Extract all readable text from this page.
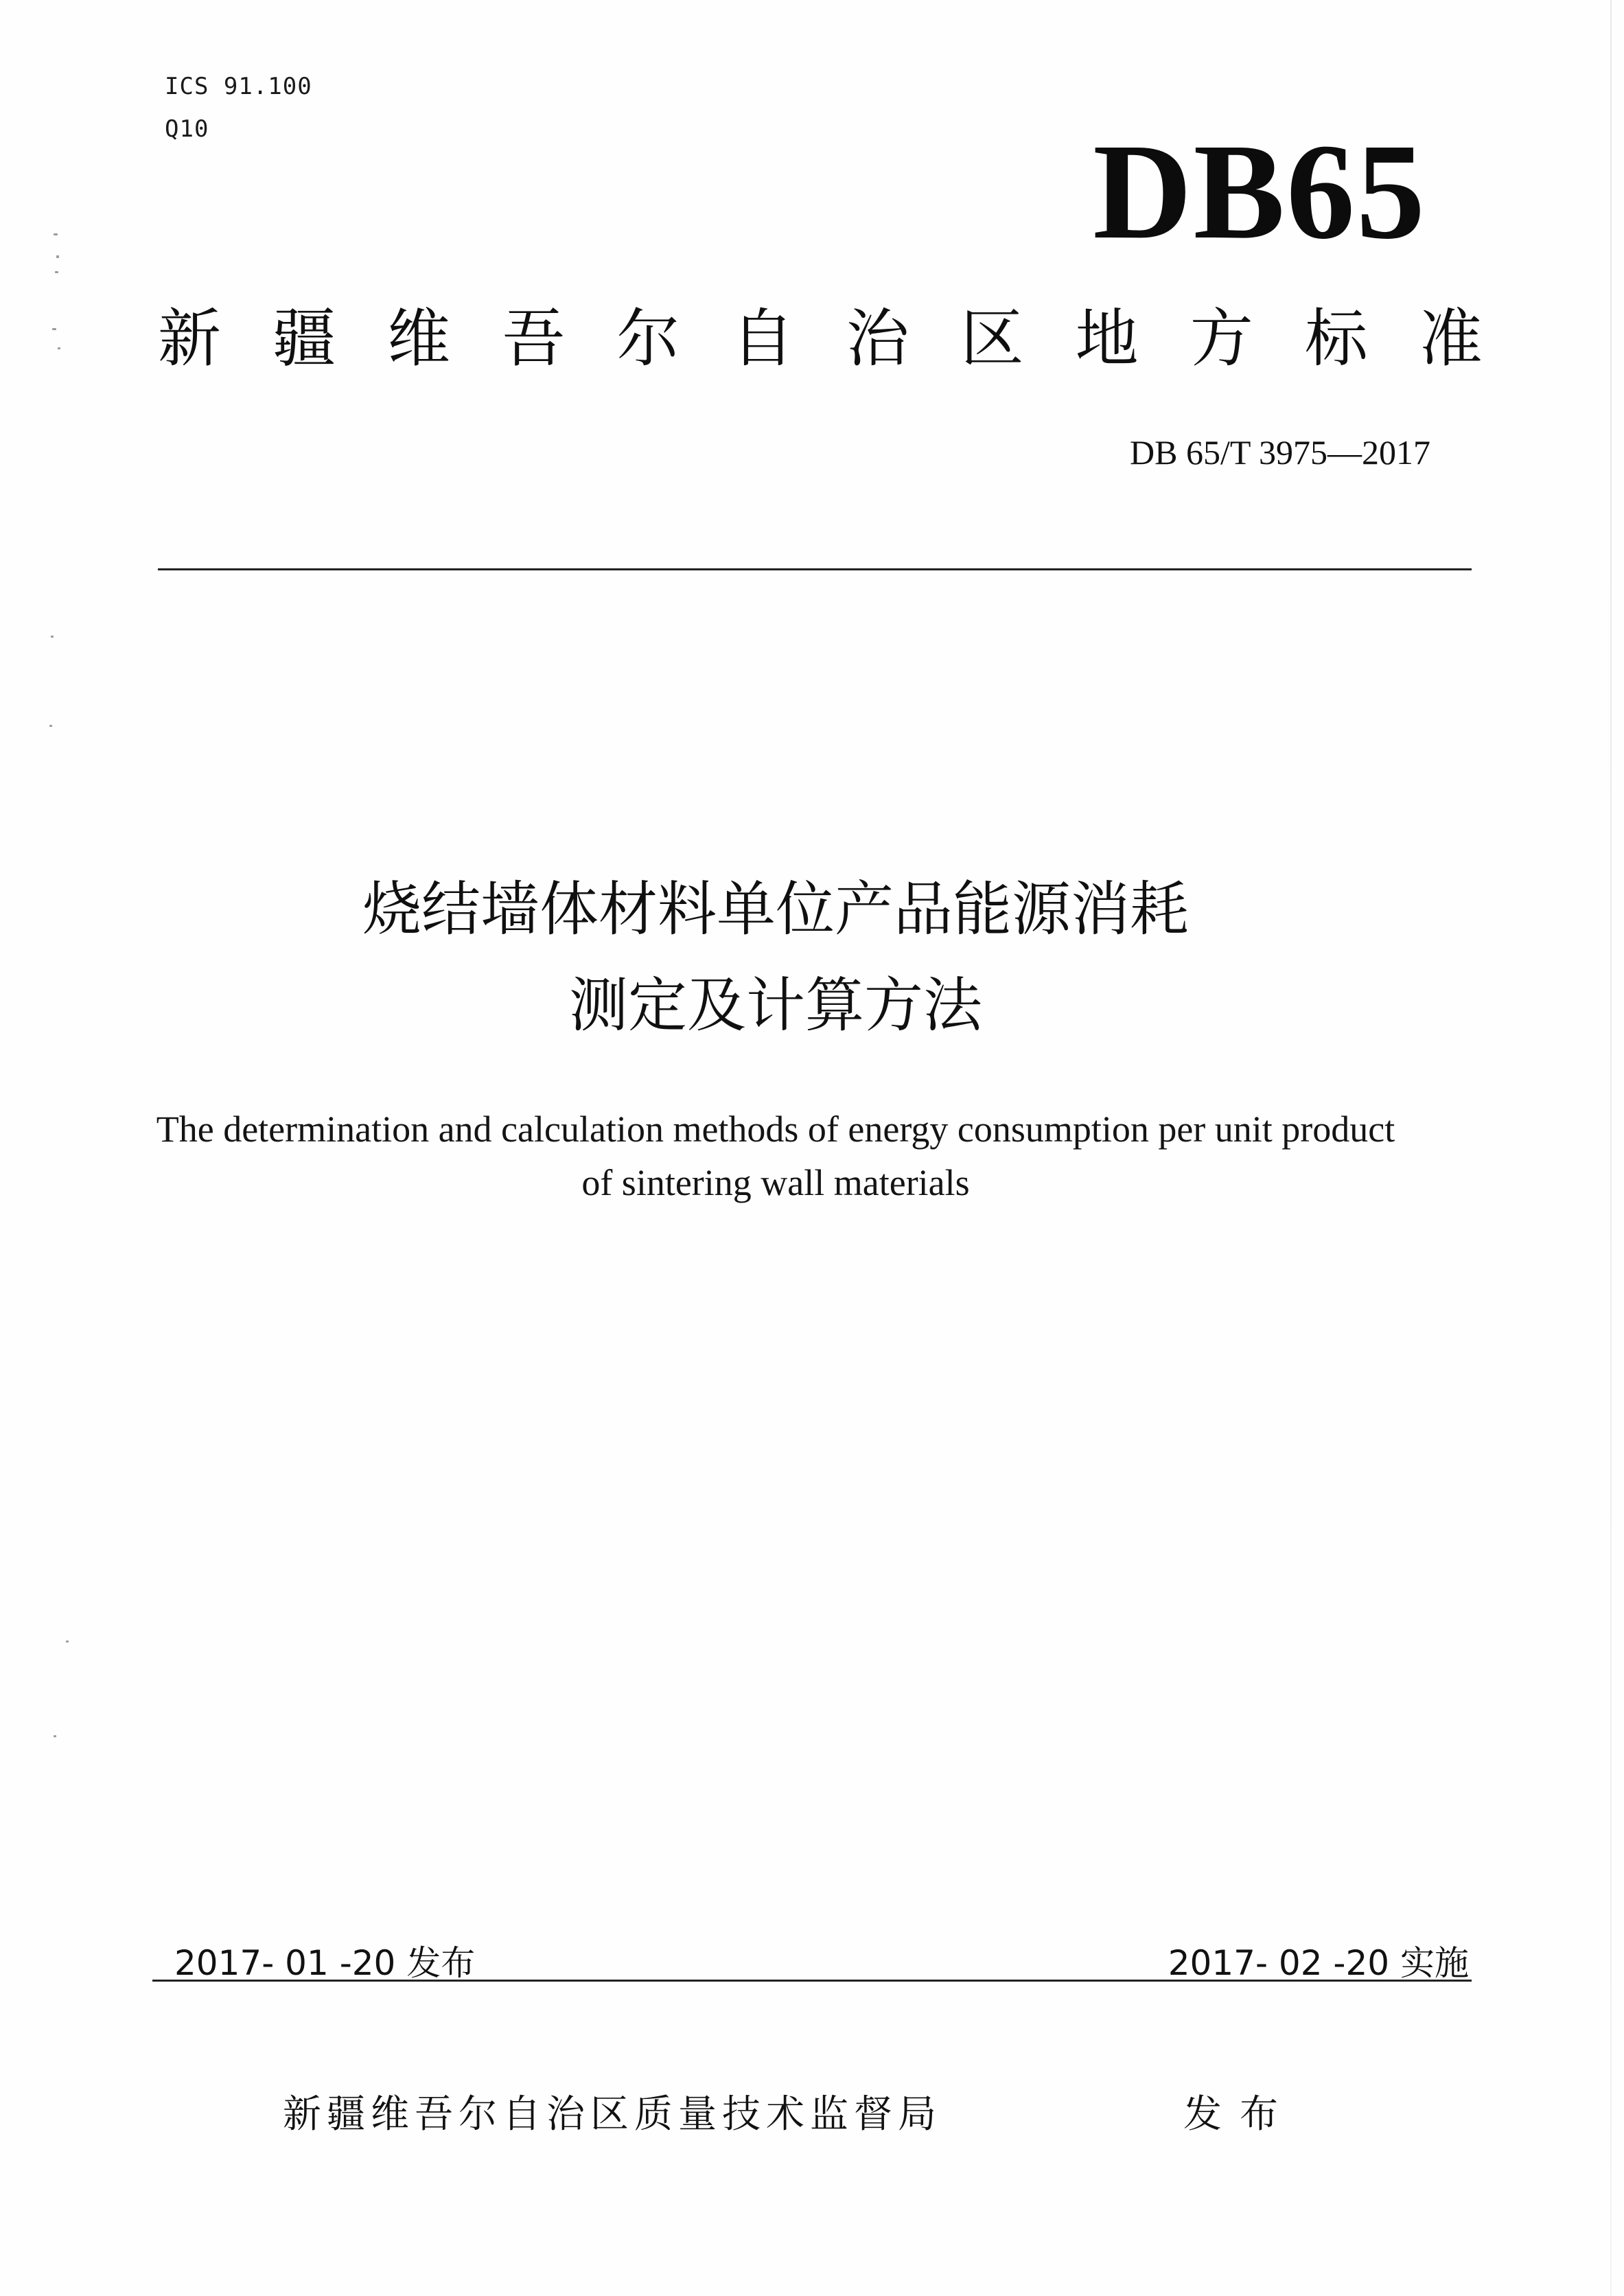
ICS 91.100
Q10	DB65
新 疆 维 吾 尔 自 治 区 地 方 标 准
DB 65/T 3975—2017
烧结墙体材料单位产品能源消耗
测定及计算方法
The determination and calculation methods of energy consumption per unit product
of sintering wall materials
2017- 01 -20 发布	2017- 02 -20 实施
新疆维吾尔自治区质量技术监督局	发布
